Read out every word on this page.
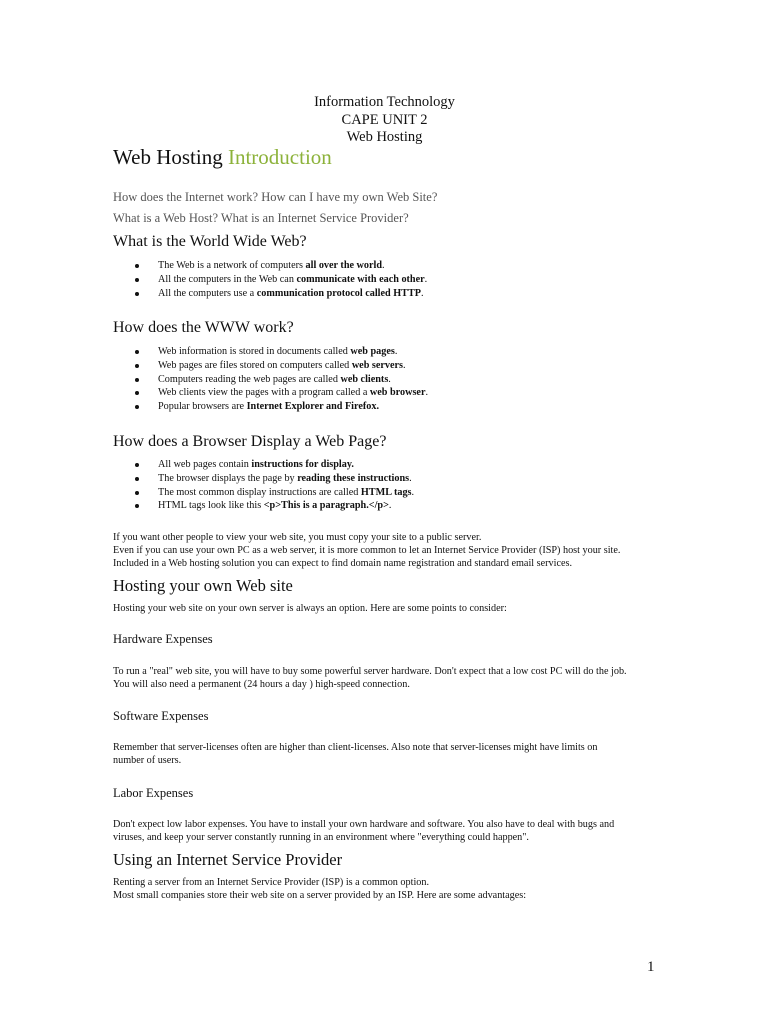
Information Technology
CAPE UNIT 2
Web Hosting
Web Hosting Introduction
How does the Internet work? How can I have my own Web Site?
What is a Web Host? What is an Internet Service Provider?
What is the World Wide Web?
The Web is a network of computers all over the world.
All the computers in the Web can communicate with each other.
All the computers use a communication protocol called HTTP.
How does the WWW work?
Web information is stored in documents called web pages.
Web pages are files stored on computers called web servers.
Computers reading the web pages are called web clients.
Web clients view the pages with a program called a web browser.
Popular browsers are Internet Explorer and Firefox.
How does a Browser Display a Web Page?
All web pages contain instructions for display.
The browser displays the page by reading these instructions.
The most common display instructions are called HTML tags.
HTML tags look like this <p>This is a paragraph.</p>.
If you want other people to view your web site, you must copy your site to a public server.
Even if you can use your own PC as a web server, it is more common to let an Internet Service Provider (ISP) host your site.
Included in a Web hosting solution you can expect to find domain name registration and standard email services.
Hosting your own Web site
Hosting your web site on your own server is always an option. Here are some points to consider:
Hardware Expenses
To run a "real" web site, you will have to buy some powerful server hardware. Don't expect that a low cost PC will do the job.
You will also need a permanent (24 hours a day ) high-speed connection.
Software Expenses
Remember that server-licenses often are higher than client-licenses. Also note that server-licenses might have limits on
number of users.
Labor Expenses
Don't expect low labor expenses. You have to install your own hardware and software. You also have to deal with bugs and
viruses, and keep your server constantly running in an environment where "everything could happen".
Using an Internet Service Provider
Renting a server from an Internet Service Provider (ISP) is a common option.
Most small companies store their web site on a server provided by an ISP. Here are some advantages:
1
